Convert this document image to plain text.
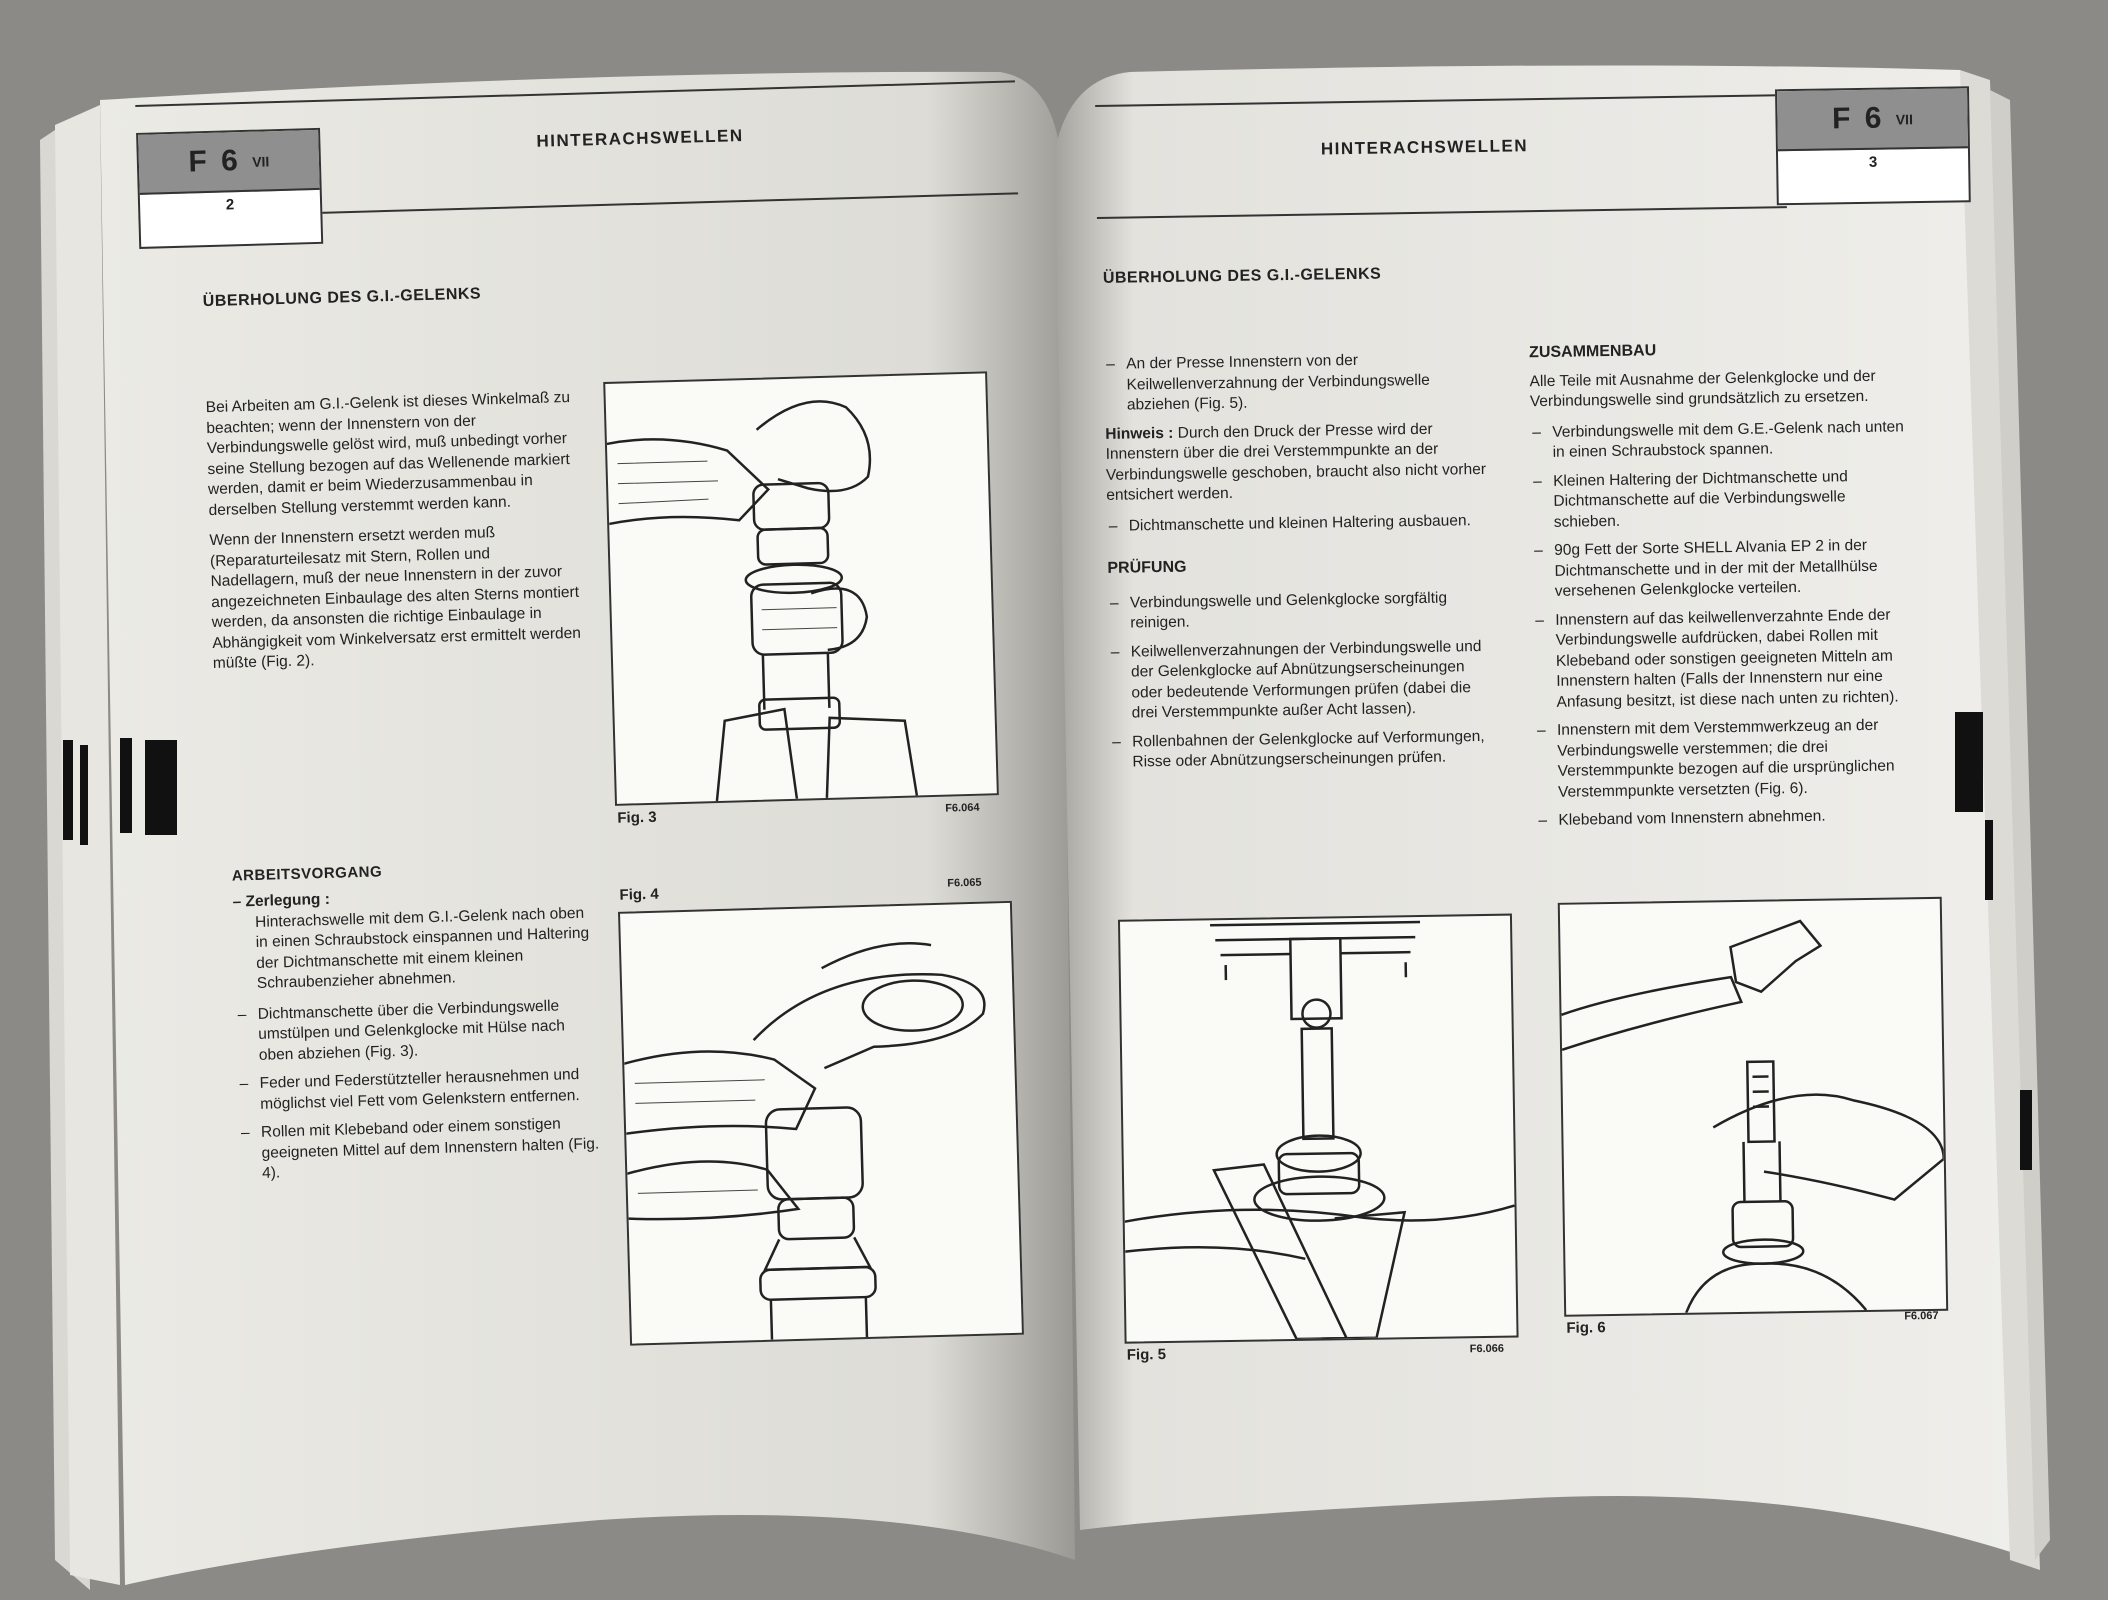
F 6 VII
2
HINTERACHSWELLEN
ÜBERHOLUNG DES G.I.-GELENKS

Bei Arbeiten am G.I.-Gelenk ist dieses Winkelmaß zu beachten; wenn der Innenstern von der Verbindungswelle gelöst wird, muß unbedingt vorher seine Stellung bezogen auf das Wellenende markiert werden, damit er beim Wiederzusammenbau in derselben Stellung verstemmt werden kann.

Wenn der Innenstern ersetzt werden muß (Reparaturteilesatz mit Stern, Rollen und Nadellagern, muß der neue Innenstern in der zuvor angezeichneten Einbaulage des alten Sterns montiert werden, da ansonsten die richtige Einbaulage in Abhängigkeit vom Winkelversatz erst ermittelt werden müßte (Fig. 2).

ARBEITSVORGANG
– Zerlegung :

Hinterachswelle mit dem G.I.-Gelenk nach oben in einen Schraubstock einspannen und Haltering der Dichtmanschette mit einem kleinen Schraubenzieher abnehmen.

– Dichtmanschette über die Verbindungswelle umstülpen und Gelenkglocke mit Hülse nach oben abziehen (Fig. 3).
– Feder und Federstützteller herausnehmen und möglichst viel Fett vom Gelenkstern entfernen.
– Rollen mit Klebeband oder einem sonstigen geeigneten Mittel auf dem Innenstern halten (Fig. 4).
Fig. 3
F6.064
Fig. 4
F6.065
F 6 VII
3
HINTERACHSWELLEN
ÜBERHOLUNG DES G.I.-GELENKS
– An der Presse Innenstern von der Keilwellenverzahnung der Verbindungswelle abziehen (Fig. 5).

Hinweis : Durch den Druck der Presse wird der Innenstern über die drei Verstemmpunkte an der Verbindungswelle geschoben, braucht also nicht vorher entsichert werden.

– Dichtmanschette und kleinen Haltering ausbauen.
PRÜFUNG
– Verbindungswelle und Gelenkglocke sorgfältig reinigen.
– Keilwellenverzahnungen der Verbindungswelle und der Gelenkglocke auf Abnützungserscheinungen oder bedeutende Verformungen prüfen (dabei die drei Verstemmpunkte außer Acht lassen).
– Rollenbahnen der Gelenkglocke auf Verformungen, Risse oder Abnützungserscheinungen prüfen.
ZUSAMMENBAU

Alle Teile mit Ausnahme der Gelenkglocke und der Verbindungswelle sind grundsätzlich zu ersetzen.

– Verbindungswelle mit dem G.E.-Gelenk nach unten in einen Schraubstock spannen.
– Kleinen Haltering der Dichtmanschette und Dichtmanschette auf die Verbindungswelle schieben.
– 90g Fett der Sorte SHELL Alvania EP 2 in der Dichtmanschette und in der mit der Metallhülse versehenen Gelenkglocke verteilen.
– Innenstern auf das keilwellenverzahnte Ende der Verbindungswelle aufdrücken, dabei Rollen mit Klebeband oder sonstigen geeigneten Mitteln am Innenstern halten (Falls der Innenstern nur eine Anfasung besitzt, ist diese nach unten zu richten).
– Innenstern mit dem Verstemmwerkzeug an der Verbindungswelle verstemmen; die drei Verstemmpunkte bezogen auf die ursprünglichen Verstemmpunkte versetzten (Fig. 6).
– Klebeband vom Innenstern abnehmen.
Fig. 5	F6.066
Fig. 6
F6.067
